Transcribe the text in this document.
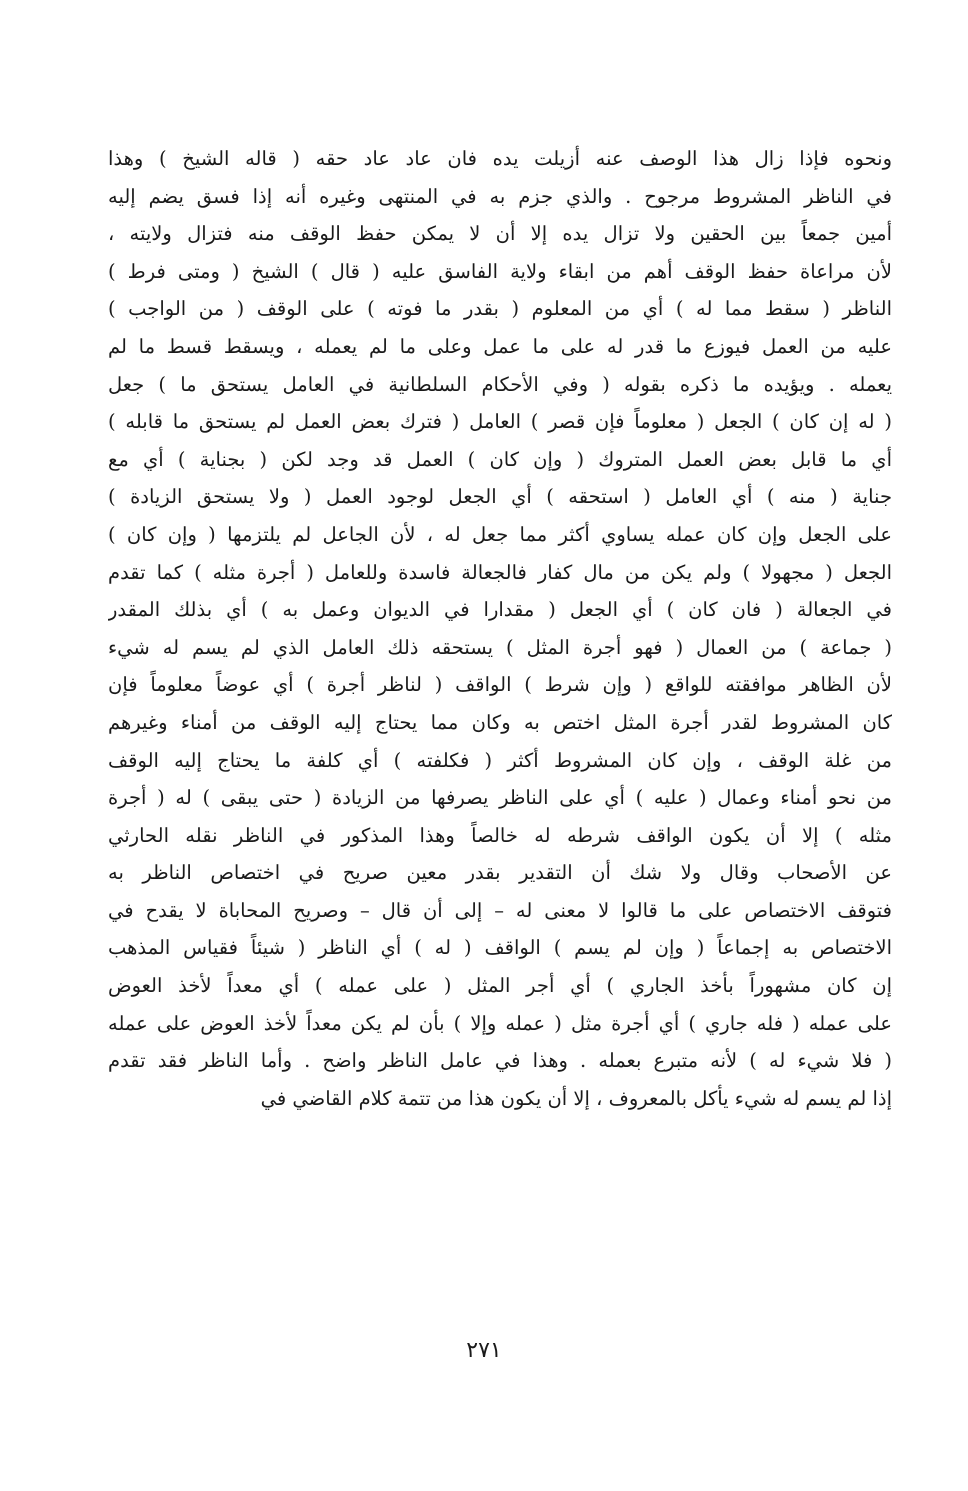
ونحوه فإذا زال هذا الوصف عنه أزيلت يده فان عاد عاد حقه ( قاله الشيخ ) وهذا
في الناظر المشروط مرجوح . والذي جزم به في المنتهى وغيره أنه إذا فسق يضم إليه
أمين جمعاً بين الحقين ولا تزال يده إلا أن لا يمكن حفظ الوقف منه فتزال ولايته ،
لأن مراعاة حفظ الوقف أهم من ابقاء ولاية الفاسق عليه ( قال ) الشيخ ( ومتى فرط )
الناظر ( سقط مما له ) أي من المعلوم ( بقدر ما فوته ) على الوقف ( من الواجب )
عليه من العمل فيوزع ما قدر له على ما عمل وعلى ما لم يعمله ، ويسقط قسط ما لم
يعمله . ويؤيده ما ذكره بقوله ( وفي الأحكام السلطانية في العامل يستحق ما ) جعل
( له إن كان ) الجعل ( معلوماً فإن قصر ) العامل ( فترك بعض العمل لم يستحق ما قابله )
أي ما قابل بعض العمل المتروك ( وإن كان ) العمل قد وجد لكن ( بجناية ) أي مع
جناية ( منه ) أي العامل ( استحقه ) أي الجعل لوجود العمل ( ولا يستحق الزيادة )
على الجعل وإن كان عمله يساوي أكثر مما جعل له ، لأن الجاعل لم يلتزمها ( وإن كان )
الجعل ( مجهولا ) ولم يكن من مال كفار فالجعالة فاسدة وللعامل ( أجرة مثله ) كما تقدم
في الجعالة ( فان كان ) أي الجعل ( مقدارا في الديوان وعمل به ) أي بذلك المقدر
( جماعة ) من العمال ( فهو أجرة المثل ) يستحقه ذلك العامل الذي لم يسم له شيء
لأن الظاهر موافقته للواقع ( وإن شرط ) الواقف ( لناظر أجرة ) أي عوضاً معلوماً فإن
كان المشروط لقدر أجرة المثل اختص به وكان مما يحتاج إليه الوقف من أمناء وغيرهم
من غلة الوقف ، وإن كان المشروط أكثر ( فكلفته ) أي كلفة ما يحتاج إليه الوقف
من نحو أمناء وعمال ( عليه ) أي على الناظر يصرفها من الزيادة ( حتى يبقى ) له ( أجرة
مثله ) إلا أن يكون الواقف شرطه له خالصاً وهذا المذكور في الناظر نقله الحارثي
عن الأصحاب وقال ولا شك أن التقدير بقدر معين صريح في اختصاص الناظر به
فتوقف الاختصاص على ما قالوا لا معنى له – إلى أن قال – وصريح المحاباة لا يقدح في
الاختصاص به إجماعاً ( وإن لم يسم ) الواقف ( له ) أي الناظر ( شيئاً فقياس المذهب
إن كان مشهوراً بأخذ الجاري ) أي أجر المثل ( على عمله ) أي معداً لأخذ العوض
على عمله ( فله جاري ) أي أجرة مثل ( عمله وإلا ) بأن لم يكن معداً لأخذ العوض على عمله
( فلا شيء له ) لأنه متبرع بعمله . وهذا في عامل الناظر واضح . وأما الناظر فقد تقدم
إذا لم يسم له شيء يأكل بالمعروف ، إلا أن يكون هذا من تتمة كلام القاضي في
٢٧١
